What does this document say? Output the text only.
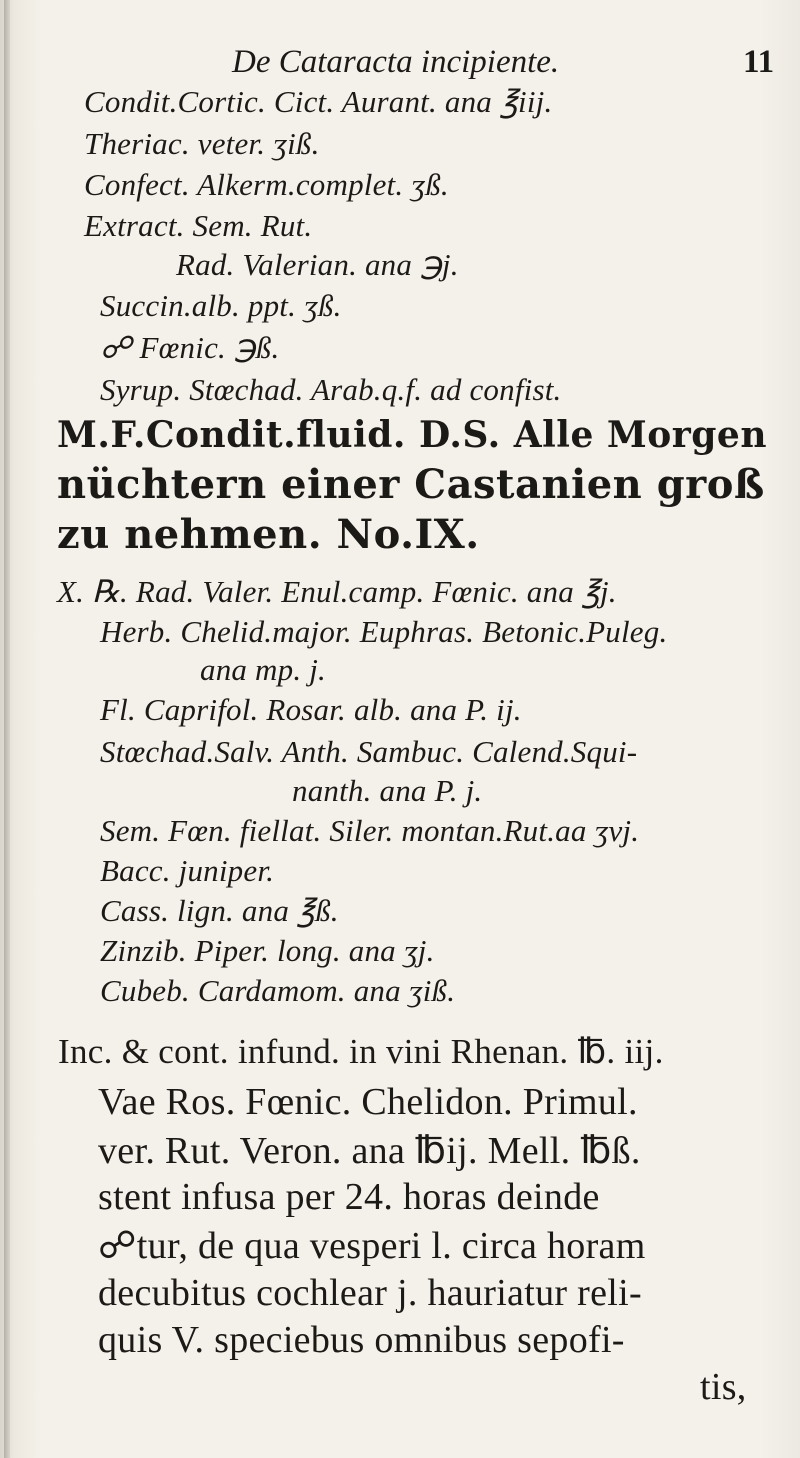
De Cataracta incipiente.	11
Condit.Cortic. Cict. Aurant. ana ℥iij.
Theriac. veter. ʒiß.
Confect. Alkerm.complet. ʒß.
Extract. Sem. Rut.
Rad. Valerian. ana ℈j.
Succin.alb. ppt. ʒß.
☍ Fœnic. ℈ß.
Syrup. Stœchad. Arab.q.f. ad confist.
M.F.Condit.fluid. D.S. Alle Morgen
nüchtern einer Castanien groß
zu nehmen. No.IX.
X. ℞. Rad. Valer. Enul.camp. Fœnic. ana ℥j.
Herb. Chelid.major. Euphras. Betonic.Puleg.
ana mp. j.
Fl. Caprifol. Rosar. alb. ana P. ij.
Stœchad.Salv. Anth. Sambuc. Calend.Squi-
nanth. ana P. j.
Sem. Fœn. fiellat. Siler. montan.Rut.aa ʒvj.
Bacc. juniper.
Cass. lign. ana ℥ß.
Zinzib. Piper. long. ana ʒj.
Cubeb. Cardamom. ana ʒiß.
Inc. & cont. infund. in vini Rhenan. ℔. iij.
Vae Ros. Fœnic. Chelidon. Primul.
ver. Rut. Veron. ana ℔ij. Mell. ℔ß.
stent infusa per 24. horas deinde
☍tur, de qua vesperi l. circa horam
decubitus cochlear j. hauriatur reli-
quis V. speciebus omnibus sepofi-
tis,
